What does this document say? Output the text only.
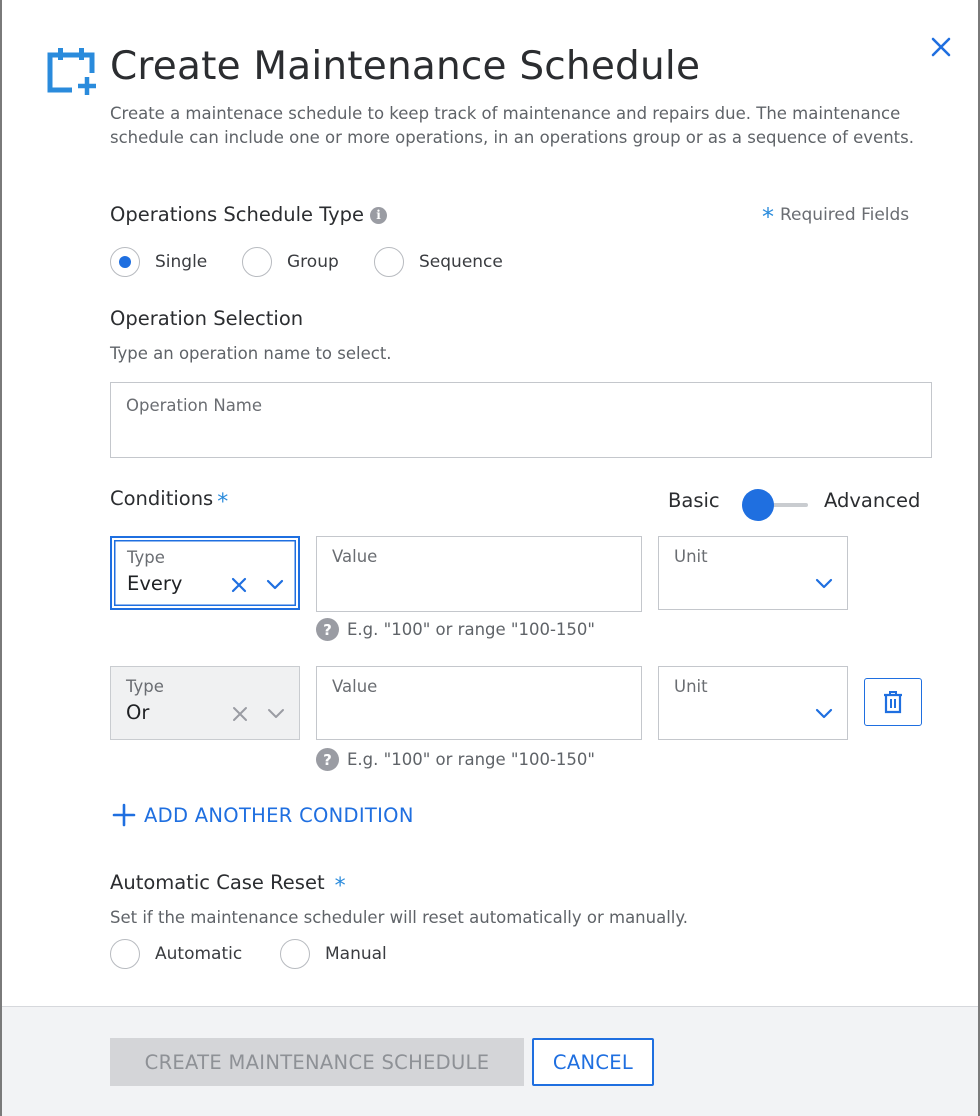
Create Maintenance Schedule

Create a maintenace schedule to keep track of maintenance and repairs due. The maintenance schedule can include one or more operations, in an operations group or as a sequence of events.

Operations Schedule Type i	* Required Fields
Single	Group	Sequence
Operation Selection
Type an operation name to select.
Operation Name
Conditions *	Basic	Advanced
Type
Every
Value	Unit
? E.g. "100" or range "100-150"
Type
Or
Value	Unit
? E.g. "100" or range "100-150"
ADD ANOTHER CONDITION
Automatic Case Reset *
Set if the maintenance scheduler will reset automatically or manually.
Automatic	Manual
CREATE MAINTENANCE SCHEDULE	CANCEL
